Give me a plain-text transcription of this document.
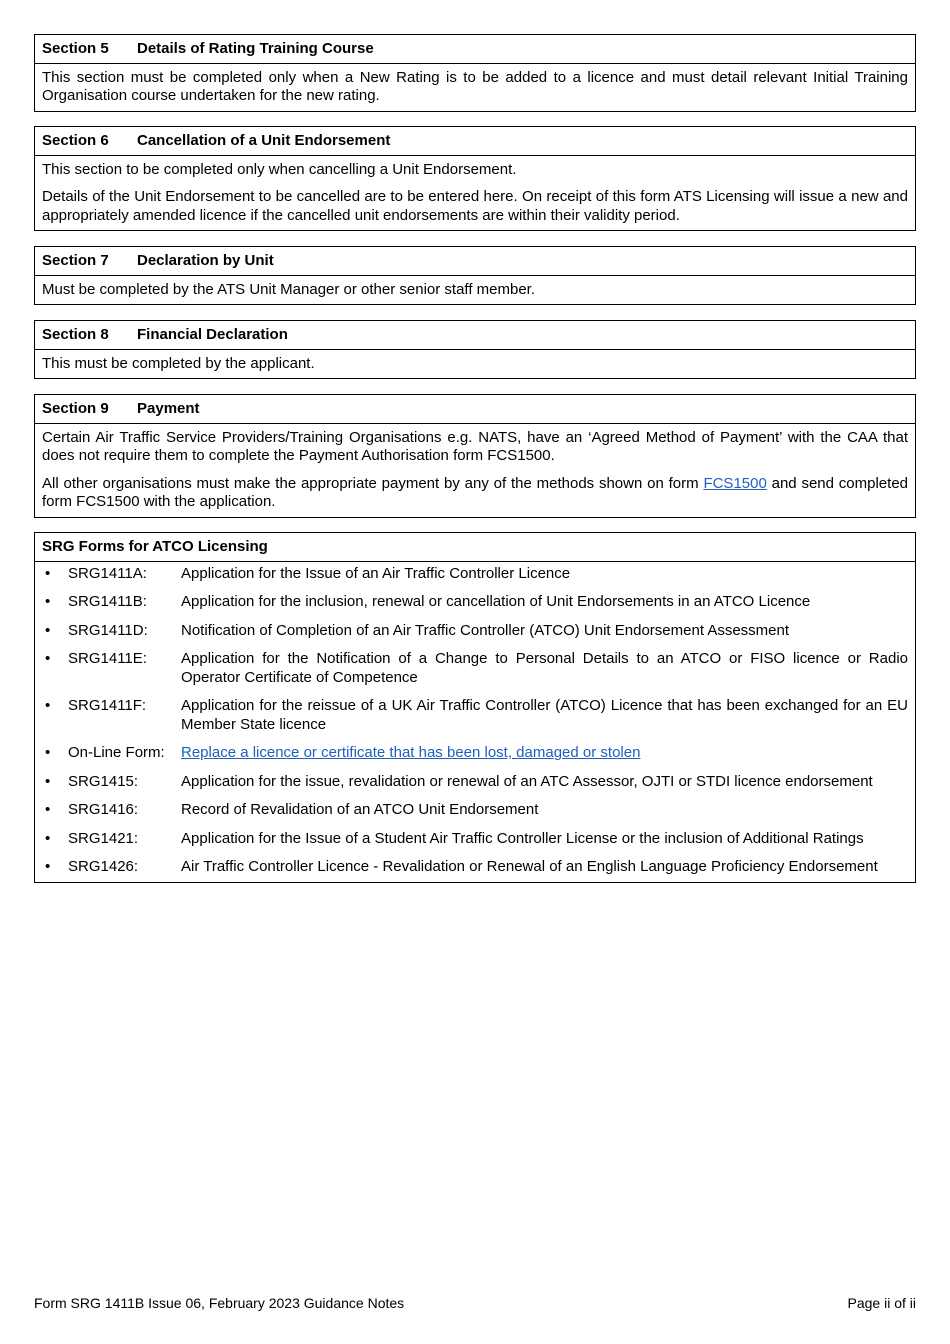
Section 5 Details of Rating Training Course

This section must be completed only when a New Rating is to be added to a licence and must detail relevant Initial Training Organisation course undertaken for the new rating.

Section 6 Cancellation of a Unit Endorsement

This section to be completed only when cancelling a Unit Endorsement.

Details of the Unit Endorsement to be cancelled are to be entered here. On receipt of this form ATS Licensing will issue a new and appropriately amended licence if the cancelled unit endorsements are within their validity period.

Section 7 Declaration by Unit

Must be completed by the ATS Unit Manager or other senior staff member.

Section 8 Financial Declaration

This must be completed by the applicant.

Section 9 Payment

Certain Air Traffic Service Providers/Training Organisations e.g. NATS, have an ‘Agreed Method of Payment’ with the CAA that does not require them to complete the Payment Authorisation form FCS1500.

All other organisations must make the appropriate payment by any of the methods shown on form FCS1500 and send completed form FCS1500 with the application.

SRG Forms for ATCO Licensing
•	SRG1411A:	Application for the Issue of an Air Traffic Controller Licence
•	SRG1411B:	Application for the inclusion, renewal or cancellation of Unit Endorsements in an ATCO Licence
•	SRG1411D:	Notification of Completion of an Air Traffic Controller (ATCO) Unit Endorsement Assessment
•	SRG1411E:	Application for the Notification of a Change to Personal Details to an ATCO or FISO licence or Radio Operator Certificate of Competence
•	SRG1411F:	Application for the reissue of a UK Air Traffic Controller (ATCO) Licence that has been exchanged for an EU Member State licence
•	On-Line Form:	Replace a licence or certificate that has been lost, damaged or stolen
•	SRG1415:	Application for the issue, revalidation or renewal of an ATC Assessor, OJTI or STDI licence endorsement
•	SRG1416:	Record of Revalidation of an ATCO Unit Endorsement
•	SRG1421:	Application for the Issue of a Student Air Traffic Controller License or the inclusion of Additional Ratings
•	SRG1426:	Air Traffic Controller Licence - Revalidation or Renewal of an English Language Proficiency Endorsement
Form SRG 1411B Issue 06, February 2023 Guidance Notes	Page ii of ii
